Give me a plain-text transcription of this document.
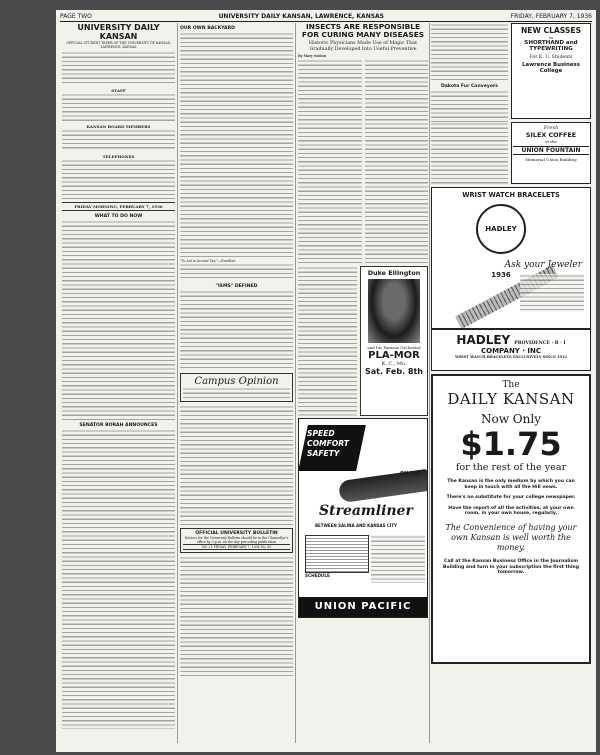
PAGE TWO	UNIVERSITY DAILY KANSAN, LAWRENCE, KANSAS	FRIDAY, FEBRUARY 7, 1936
UNIVERSITY DAILY KANSAN
OFFICIAL STUDENT PAPER OF THE UNIVERSITY OF KANSAS, LAWRENCE, KANSAS
STAFF
KANSAN BOARD MEMBERS
TELEPHONES
FRIDAY MORNING, FEBRUARY 7, 1936
WHAT TO DO NOW
SENATOR BORAH ANNOUNCES
OUR OWN BACKYARD
"To Aid in Income Tax,"—Headline
"ISMS" DEFINED
Campus Opinion
OFFICIAL UNIVERSITY BULLETIN
Notices for the University Bulletin should be in the Chancellor's office by 3 p.m. on the day preceding publication
Vol. 21 FRIDAY, FEBRUARY 7, 1936 No. 83
INSECTS ARE RESPONSIBLE FOR CURING MANY DISEASES
Historic Physicians Made Use of Magic That Gradually Developed Into Useful Preventive
By Mary Sutton
Duke Ellington
and his Famous Orchestra
PLA-MOR
K. C., Mo.
Sat. Feb. 8th
SPEED COMFORT SAFETY
ON THE
Streamliner
BETWEEN SALINA AND KANSAS CITY
SCHEDULE
UNION PACIFIC
Dakota Fur Conveyors
NEW CLASSES
in
SHORTHAND and TYPEWRITING
For K. U. Students
Lawrence Business College
Fresh
SILEX COFFEE
at the
UNION FOUNTAIN
Memorial Union Building
WRIST WATCH BRACELETS
HADLEY 1936
Ask your Jeweler
HADLEY PROVIDENCE · R · I
COMPANY · INC
WRIST WATCH BRACELETS EXCLUSIVELY SINCE 1912
The
DAILY KANSAN
Now Only
$1.75
for the rest of the year
The Kansan is the only medium by which you can keep in touch with all the Hill news.
There's no substitute for your college newspaper.
Have the report of all the activities, at your own room, in your own house, regularly.
The Convenience of having your own Kansan is well worth the money.
Call at the Kansan Business Office in the Journalism Building and turn in your subscription the first thing tomorrow.
